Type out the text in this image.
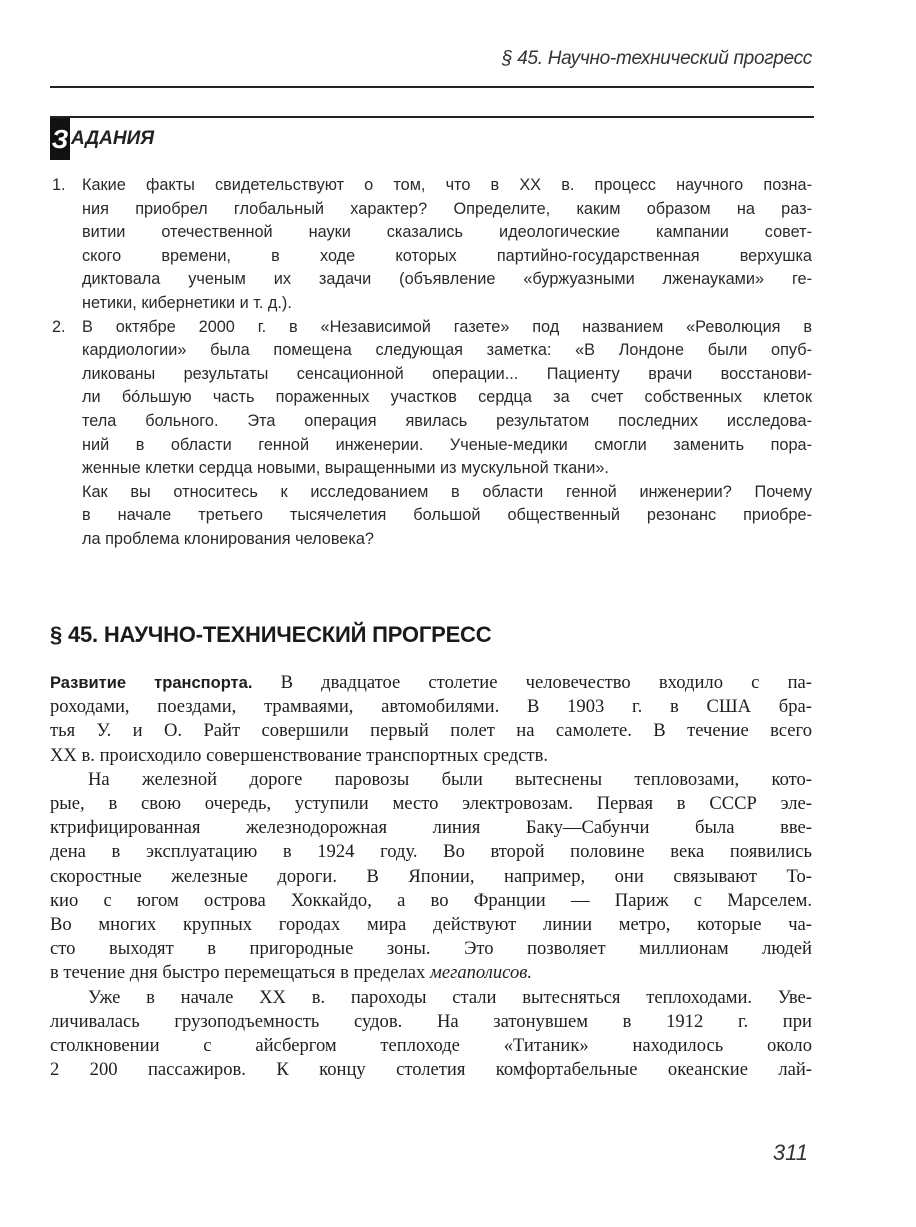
§ 45. Научно-технический прогресс
З АДАНИЯ
1. Какие факты свидетельствуют о том, что в XX в. процесс научного позна-
ния приобрел глобальный характер? Определите, каким образом на раз-
витии отечественной науки сказались идеологические кампании совет-
ского времени, в ходе которых партийно-государственная верхушка
диктовала ученым их задачи (объявление «буржуазными лженауками» ге-
нетики, кибернетики и т. д.).
2. В октябре 2000 г. в «Независимой газете» под названием «Революция в
кардиологии» была помещена следующая заметка: «В Лондоне были опуб-
ликованы результаты сенсационной операции... Пациенту врачи восстанови-
ли бóльшую часть пораженных участков сердца за счет собственных клеток
тела больного. Эта операция явилась результатом последних исследова-
ний в области генной инженерии. Ученые-медики смогли заменить пора-
женные клетки сердца новыми, выращенными из мускульной ткани».
Как вы относитесь к исследованием в области генной инженерии? Почему
в начале третьего тысячелетия большой общественный резонанс приобре-
ла проблема клонирования человека?
§ 45. НАУЧНО-ТЕХНИЧЕСКИЙ ПРОГРЕСС
Развитие транспорта. В двадцатое столетие человечество входило с па-
роходами, поездами, трамваями, автомобилями. В 1903 г. в США бра-
тья У. и О. Райт совершили первый полет на самолете. В течение всего
XX в. происходило совершенствование транспортных средств.
На железной дороге паровозы были вытеснены тепловозами, кото-
рые, в свою очередь, уступили место электровозам. Первая в СССР эле-
ктрифицированная железнодорожная линия Баку—Сабунчи была вве-
дена в эксплуатацию в 1924 году. Во второй половине века появились
скоростные железные дороги. В Японии, например, они связывают То-
кио с югом острова Хоккайдо, а во Франции — Париж с Марселем.
Во многих крупных городах мира действуют линии метро, которые ча-
сто выходят в пригородные зоны. Это позволяет миллионам людей
в течение дня быстро перемещаться в пределах мегаполисов.
Уже в начале XX в. пароходы стали вытесняться теплоходами. Уве-
личивалась грузоподъемность судов. На затонувшем в 1912 г. при
столкновении с айсбергом теплоходе «Титаник» находилось около
2 200 пассажиров. К концу столетия комфортабельные океанские лай-
311
